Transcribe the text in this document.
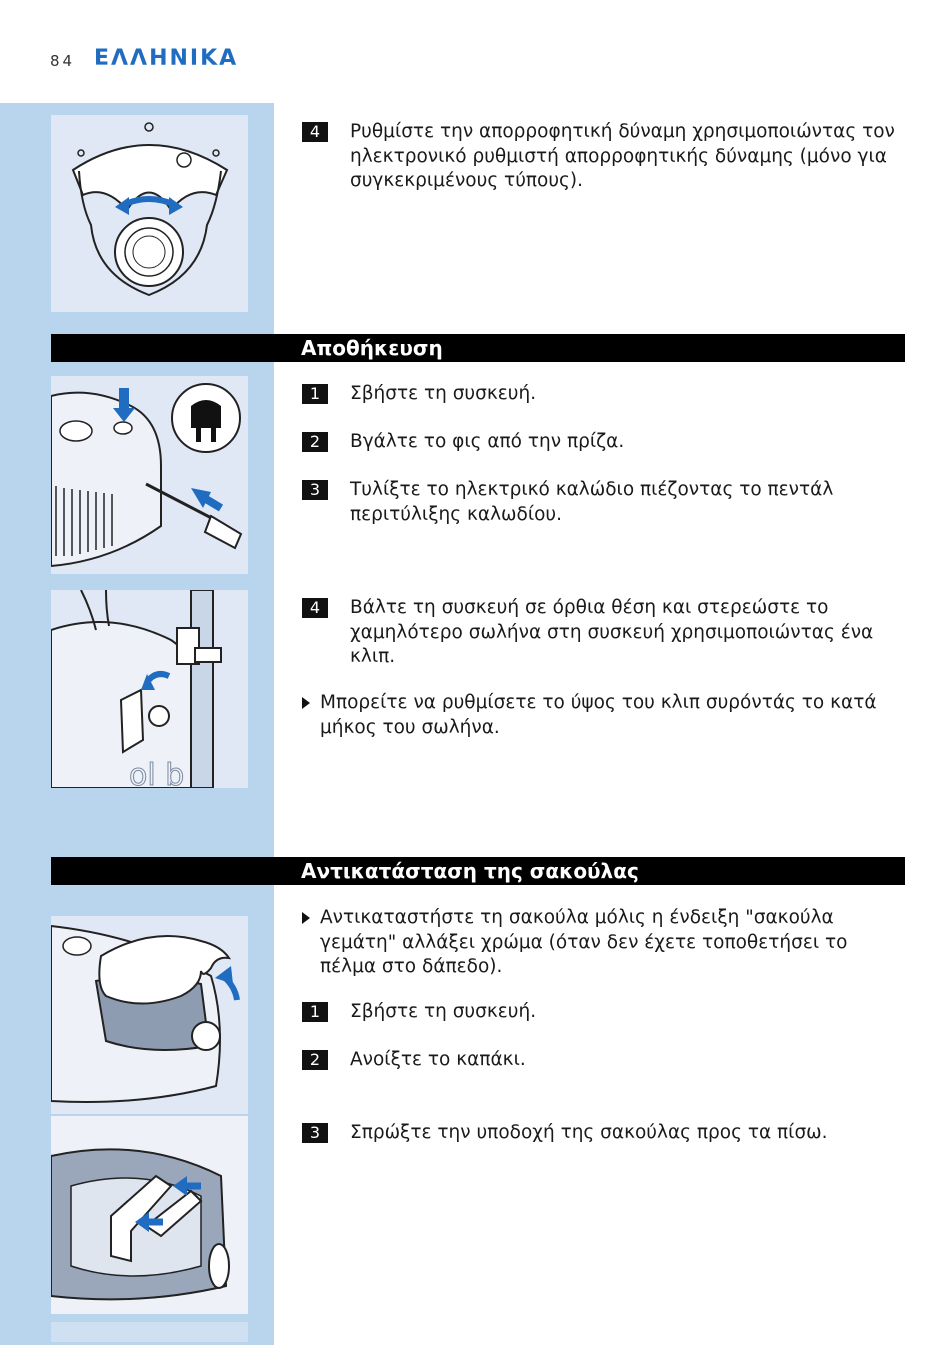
84 ΕΛΛΗΝΙΚΑ
4	Ρυθμίστε την απορροφητική δύναμη χρησιμοποιώντας τον ηλεκτρονικό ρυθμιστή απορροφητικής δύναμης (μόνο για συγκεκριμένους τύπους).
Αποθήκευση
1	Σβήστε τη συσκευή.
2	Βγάλτε το φις από την πρίζα.
3	Τυλίξτε το ηλεκτρικό καλώδιο πιέζοντας το πεντάλ περιτύλιξης καλωδίου.
ol b
4	Βάλτε τη συσκευή σε όρθια θέση και στερεώστε το χαμηλότερο σωλήνα στη συσκευή χρησιμοποιώντας ένα κλιπ.
Μπορείτε να ρυθμίσετε το ύψος του κλιπ συρόντάς το κατά μήκος του σωλήνα.
Αντικατάσταση της σακούλας
Αντικαταστήστε τη σακούλα μόλις η ένδειξη "σακούλα γεμάτη" αλλάξει χρώμα (όταν δεν έχετε τοποθετήσει το πέλμα στο δάπεδο).
1	Σβήστε τη συσκευή.
2	Ανοίξτε το καπάκι.
3	Σπρώξτε την υποδοχή της σακούλας προς τα πίσω.
